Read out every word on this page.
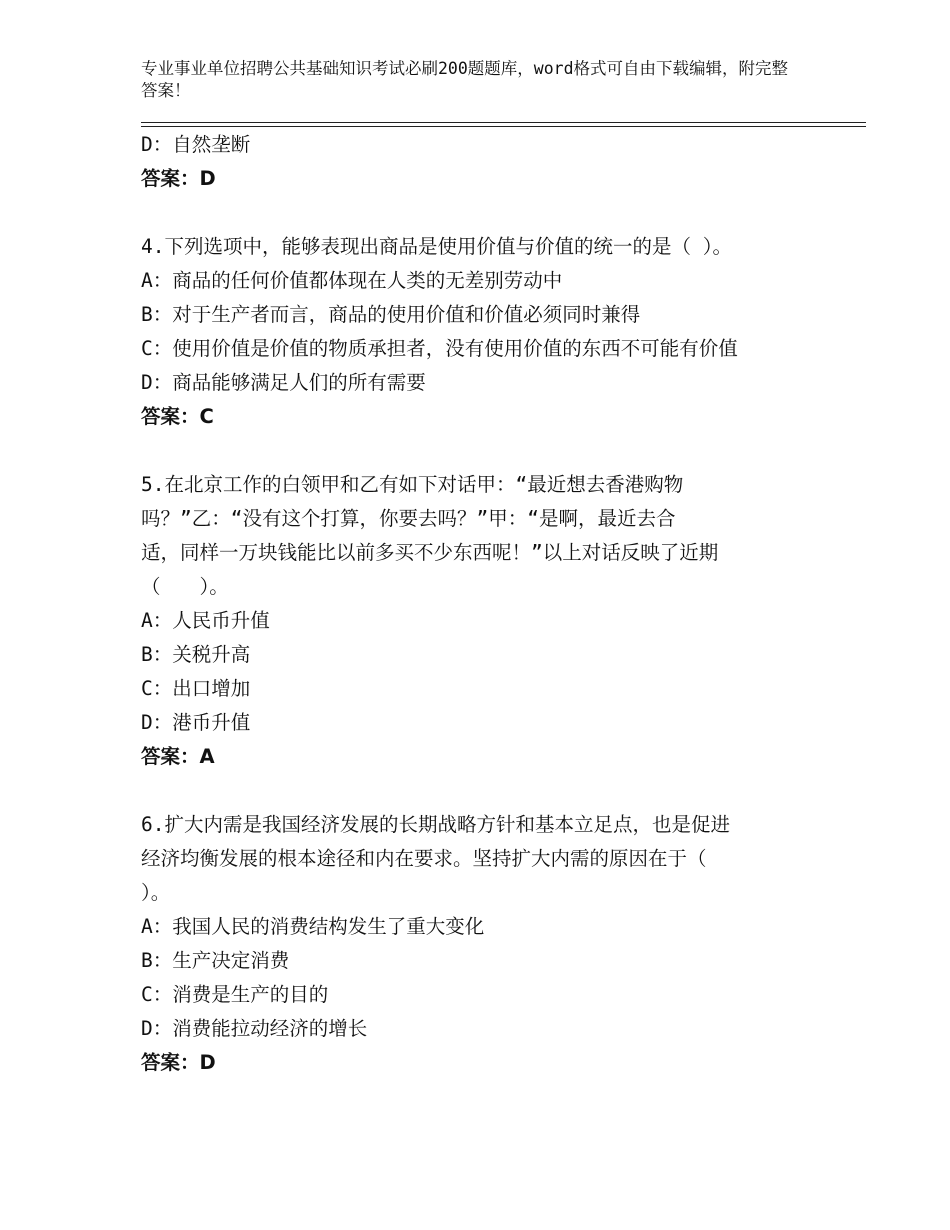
专业事业单位招聘公共基础知识考试必刷200题题库，word格式可自由下载编辑，附完整答案！
D：自然垄断
答案：D
4.下列选项中，能够表现出商品是使用价值与价值的统一的是（ ）。
A：商品的任何价值都体现在人类的无差别劳动中
B：对于生产者而言，商品的使用价值和价值必须同时兼得
C：使用价值是价值的物质承担者，没有使用价值的东西不可能有价值
D：商品能够满足人们的所有需要
答案：C
5.在北京工作的白领甲和乙有如下对话甲：“最近想去香港购物
吗？”乙：“没有这个打算，你要去吗？”甲：“是啊，最近去合
适，同样一万块钱能比以前多买不少东西呢！”以上对话反映了近期
（　　）。
A：人民币升值
B：关税升高
C：出口增加
D：港币升值
答案：A
6.扩大内需是我国经济发展的长期战略方针和基本立足点，也是促进
经济均衡发展的根本途径和内在要求。坚持扩大内需的原因在于（
）。
A：我国人民的消费结构发生了重大变化
B：生产决定消费
C：消费是生产的目的
D：消费能拉动经济的增长
答案：D
